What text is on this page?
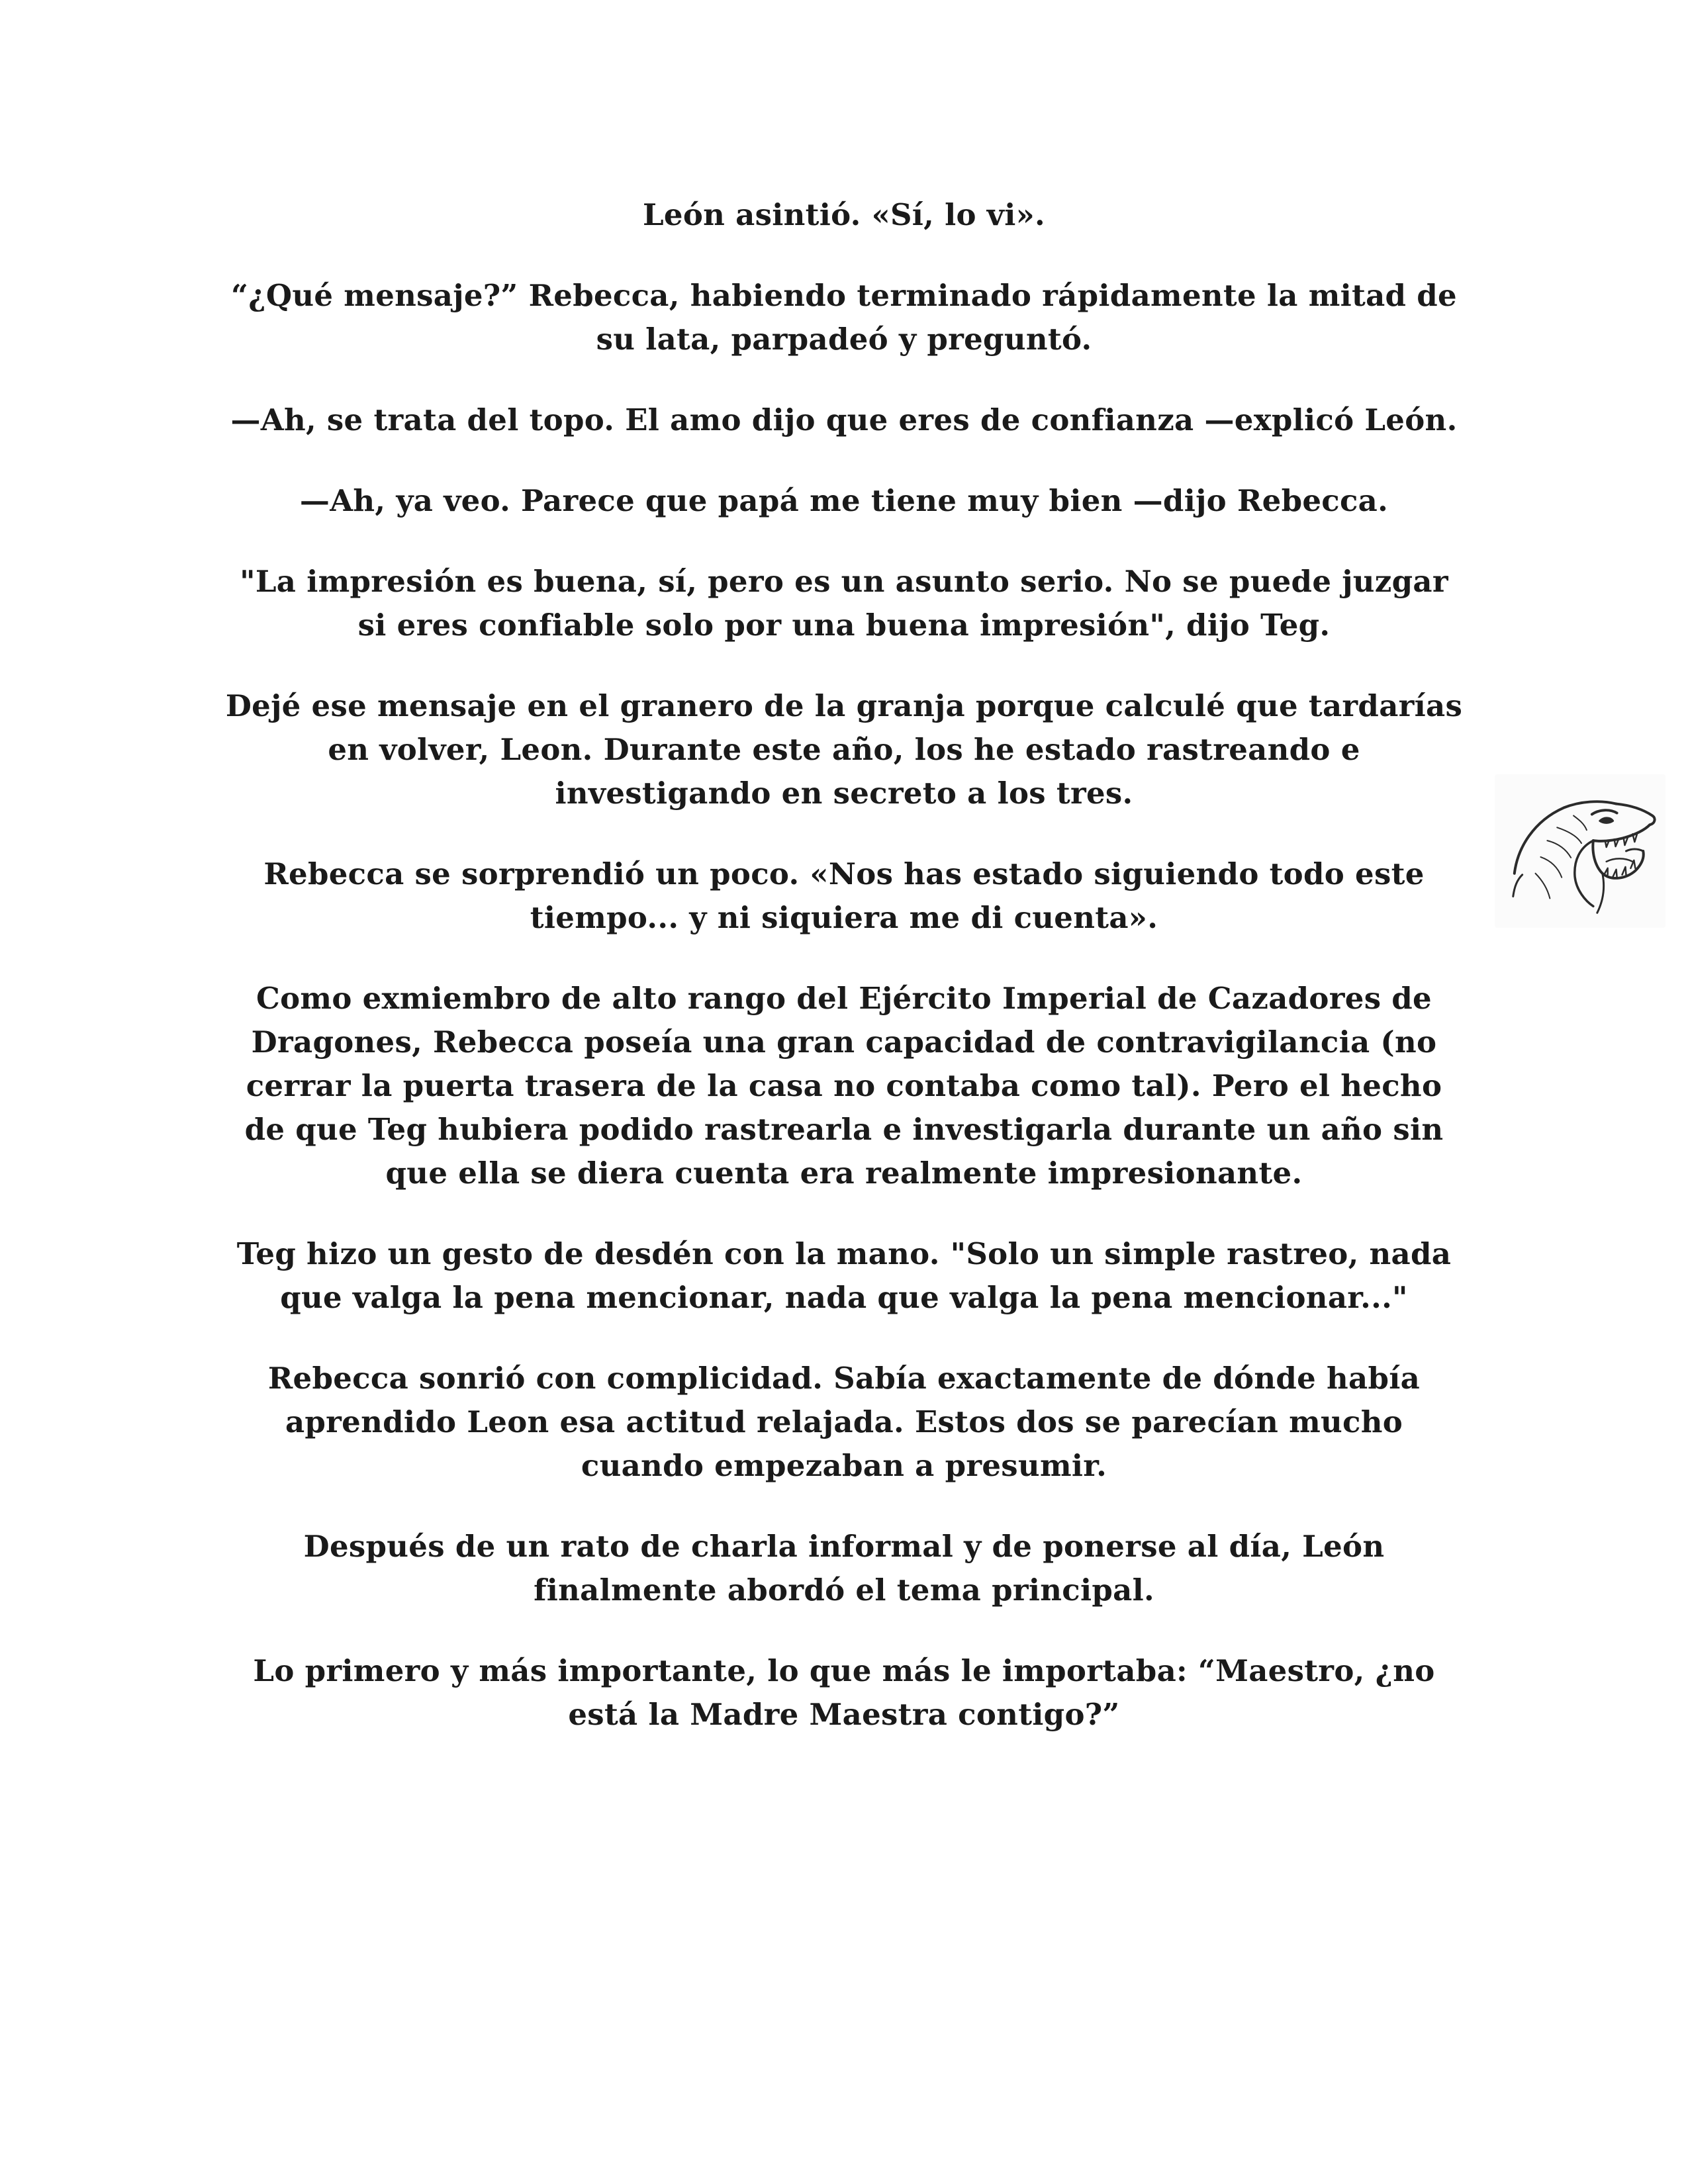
León asintió. «Sí, lo vi».

“¿Qué mensaje?” Rebecca, habiendo terminado rápidamente la mitad de su lata, parpadeó y preguntó.

—Ah, se trata del topo. El amo dijo que eres de confianza —explicó León.

—Ah, ya veo. Parece que papá me tiene muy bien —dijo Rebecca.

"La impresión es buena, sí, pero es un asunto serio. No se puede juzgar si eres confiable solo por una buena impresión", dijo Teg.

Dejé ese mensaje en el granero de la granja porque calculé que tardarías en volver, Leon. Durante este año, los he estado rastreando e investigando en secreto a los tres.

Rebecca se sorprendió un poco. «Nos has estado siguiendo todo este tiempo... y ni siquiera me di cuenta».

Como exmiembro de alto rango del Ejército Imperial de Cazadores de Dragones, Rebecca poseía una gran capacidad de contravigilancia (no cerrar la puerta trasera de la casa no contaba como tal). Pero el hecho de que Teg hubiera podido rastrearla e investigarla durante un año sin que ella se diera cuenta era realmente impresionante.

Teg hizo un gesto de desdén con la mano. "Solo un simple rastreo, nada que valga la pena mencionar, nada que valga la pena mencionar..."

Rebecca sonrió con complicidad. Sabía exactamente de dónde había aprendido Leon esa actitud relajada. Estos dos se parecían mucho cuando empezaban a presumir.

Después de un rato de charla informal y de ponerse al día, León finalmente abordó el tema principal.

Lo primero y más importante, lo que más le importaba: “Maestro, ¿no está la Madre Maestra contigo?”
